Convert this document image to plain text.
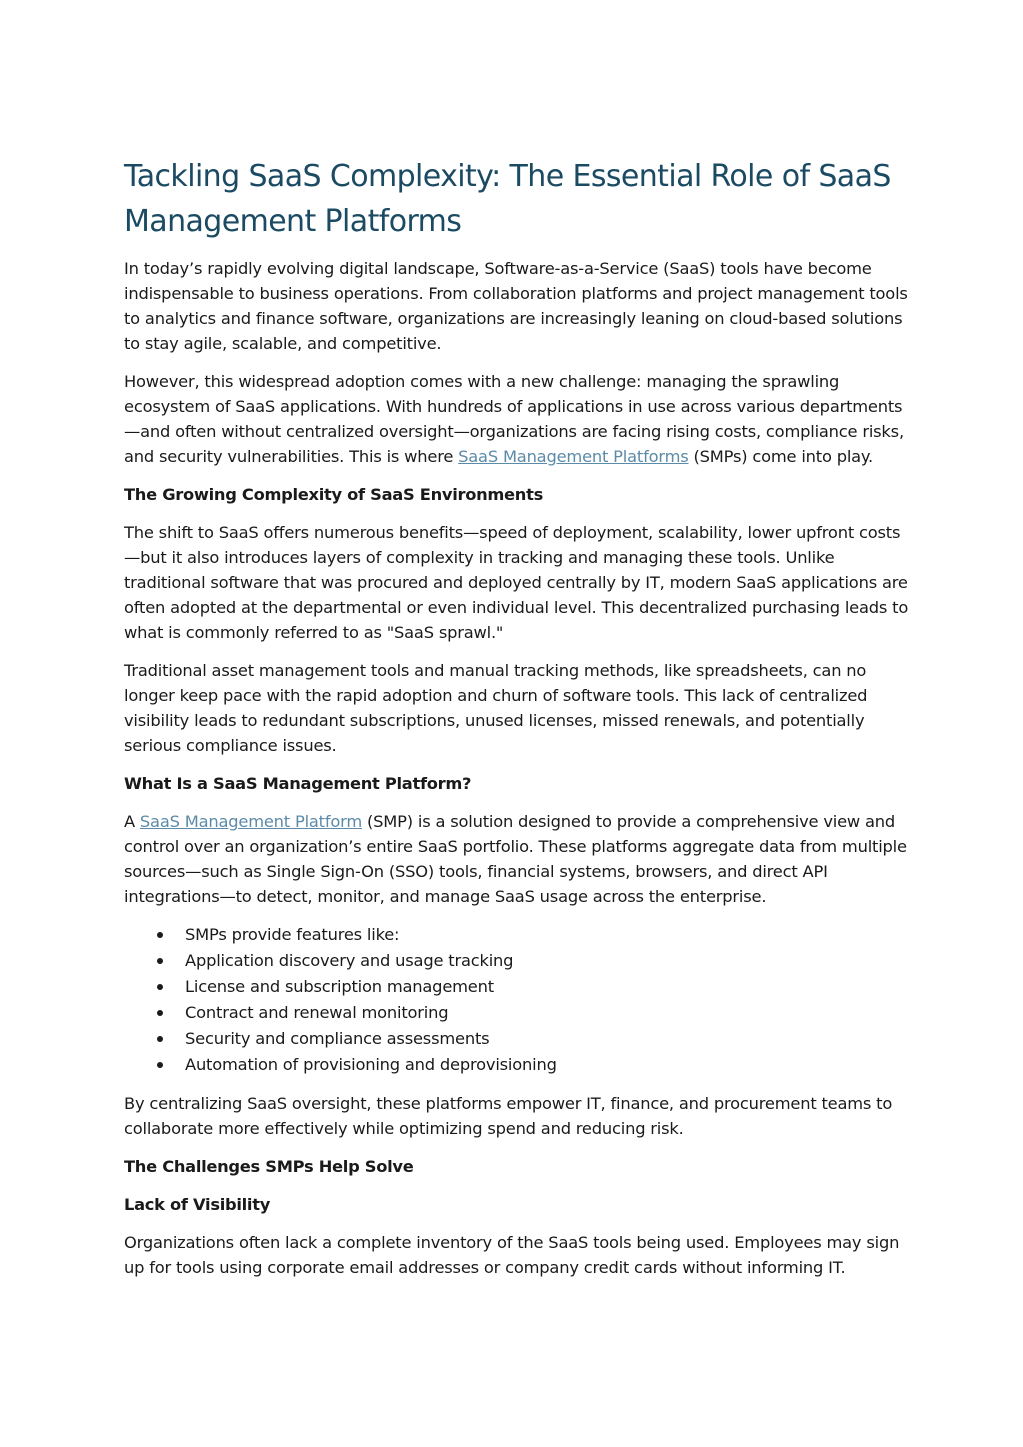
Tackling SaaS Complexity: The Essential Role of SaaS Management Platforms

In today’s rapidly evolving digital landscape, Software-as-a-Service (SaaS) tools have become indispensable to business operations. From collaboration platforms and project management tools to analytics and finance software, organizations are increasingly leaning on cloud-based solutions to stay agile, scalable, and competitive.

However, this widespread adoption comes with a new challenge: managing the sprawling ecosystem of SaaS applications. With hundreds of applications in use across various departments—and often without centralized oversight—organizations are facing rising costs, compliance risks, and security vulnerabilities. This is where SaaS Management Platforms (SMPs) come into play.

The Growing Complexity of SaaS Environments

The shift to SaaS offers numerous benefits—speed of deployment, scalability, lower upfront costs—but it also introduces layers of complexity in tracking and managing these tools. Unlike traditional software that was procured and deployed centrally by IT, modern SaaS applications are often adopted at the departmental or even individual level. This decentralized purchasing leads to what is commonly referred to as "SaaS sprawl."

Traditional asset management tools and manual tracking methods, like spreadsheets, can no longer keep pace with the rapid adoption and churn of software tools. This lack of centralized visibility leads to redundant subscriptions, unused licenses, missed renewals, and potentially serious compliance issues.

What Is a SaaS Management Platform?

A SaaS Management Platform (SMP) is a solution designed to provide a comprehensive view and control over an organization’s entire SaaS portfolio. These platforms aggregate data from multiple sources—such as Single Sign-On (SSO) tools, financial systems, browsers, and direct API integrations—to detect, monitor, and manage SaaS usage across the enterprise.

SMPs provide features like:
Application discovery and usage tracking
License and subscription management
Contract and renewal monitoring
Security and compliance assessments
Automation of provisioning and deprovisioning

By centralizing SaaS oversight, these platforms empower IT, finance, and procurement teams to collaborate more effectively while optimizing spend and reducing risk.

The Challenges SMPs Help Solve

Lack of Visibility

Organizations often lack a complete inventory of the SaaS tools being used. Employees may sign up for tools using corporate email addresses or company credit cards without informing IT.
